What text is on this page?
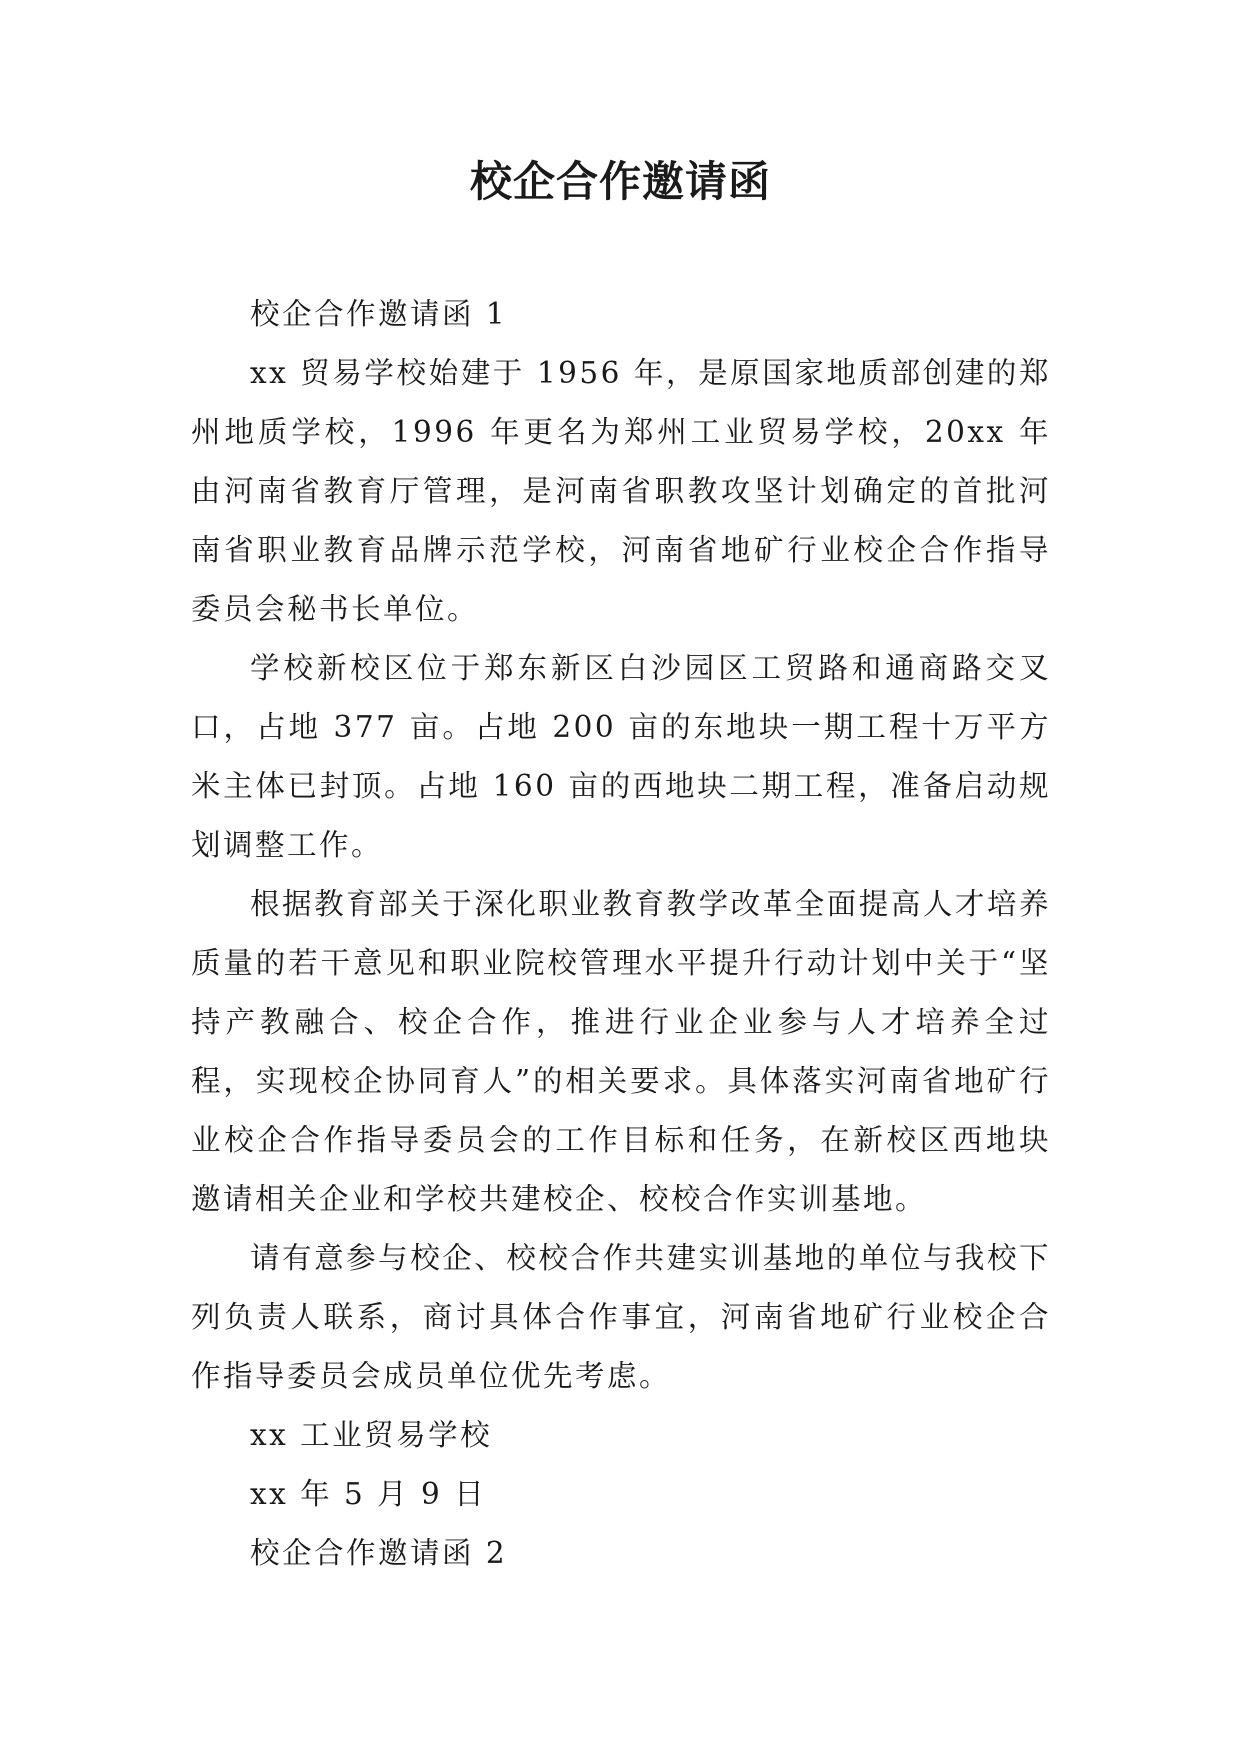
校企合作邀请函

校企合作邀请函 1

xx 贸易学校始建于 1956 年，是原国家地质部创建的郑州地质学校，1996 年更名为郑州工业贸易学校，20xx 年由河南省教育厅管理，是河南省职教攻坚计划确定的首批河南省职业教育品牌示范学校，河南省地矿行业校企合作指导委员会秘书长单位。

学校新校区位于郑东新区白沙园区工贸路和通商路交叉口，占地 377 亩。占地 200 亩的东地块一期工程十万平方米主体已封顶。占地 160 亩的西地块二期工程，准备启动规划调整工作。

根据教育部关于深化职业教育教学改革全面提高人才培养质量的若干意见和职业院校管理水平提升行动计划中关于“坚持产教融合、校企合作，推进行业企业参与人才培养全过程，实现校企协同育人”的相关要求。具体落实河南省地矿行业校企合作指导委员会的工作目标和任务，在新校区西地块邀请相关企业和学校共建校企、校校合作实训基地。

请有意参与校企、校校合作共建实训基地的单位与我校下列负责人联系，商讨具体合作事宜，河南省地矿行业校企合作指导委员会成员单位优先考虑。

xx 工业贸易学校

xx 年 5 月 9 日

校企合作邀请函 2
